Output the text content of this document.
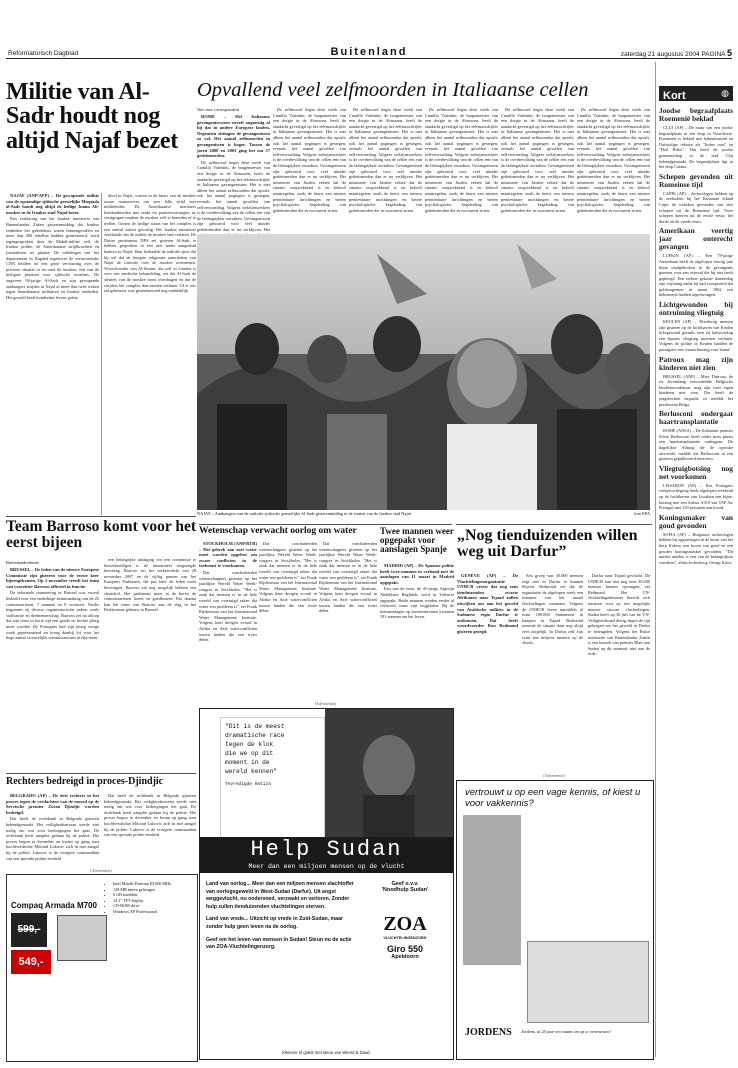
Reformatorisch Dagblad	Buitenland	zaterdag 21 augustus 2004 PAGINA 5
Militie van Al-Sadr houdt nog altijd Najaf bezet

NAJAF (ANP/AFP) – De gewapende militie van de opstandige sjiitische geestelijke Moqtada al-Sadr houdt nog altijd de heilige Imam Ali-moskee in de Iraakse stad Najaf bezet.

Een verklaring van het Iraakse ministerie van Binnenlandse Zaken gisterenmiddag dat Iraakse eenheden het gebedshuis waren binnengevallen en meer dan 400 rebellen hadden gearresteerd, werd tegengesproken door de Mahdi-militie zelf, de Iraakse politie, de Amerikaanse strijdkrachten en journalisten ter plaatse. De uitlatingen van het departement in Bagdad tegenover de nieuwszender CNN leidden tot een grote verwarring over de precieze situatie in en rond de moskee, een van de heiligste plaatsen voor sjiitische moslims. De ongeveer 30-jarige Al-Sadr en zijn gewapende aanhangers strijden in Najaf al meer dan twee weken tegen Amerikaanse militairen en Iraakse eenheden. Het geweld heeft honderden levens geëist.

dood in Najaf, voeren in de buurt van de moskee zware manoeuvres om zeer felle strijd met militieleden. De Amerikaanse mariniers bombardeerden met tanks en pantservoertuigen in, vestigingen rondom de moskee zelf te betreden of te treffen. Gezien de heilige status van het complex is een aanval uiterst gevoelig. Het Iraakse ministerie verklaarde dat de militie de moskee had verlaten. De Duitse persbureau DPA zei gisteren Al-Sadr te hebben gesproken in een niet nader aangeduid kantoor in Najaf. Daar herhaalde de radicale sjiiet dat hij wil dat de hoogste religieuze autoriteiten van Najaf de controle over de moskee overnemen. Woordvoerder van Al-Sistani, die zelf in Londen is voor een medische behandeling, zei dat Al-Sadr de sleutels van de moskee moet overdragen en dat de strijders het complex dan moeten verlaten. Of er iets zal gebeuren, was gisterenavond nog onduidelijk.

Opvallend veel zelfmoorden in Italiaanse cellen
Van onze correspondent

ROME – Het Italiaanse gevangeniswezen streeft ongunstig af bij dat in andere Europese landen. Negentien zittingen de gevangenissen zo vol. Het aantal zelfmoorden in gevangenissen is hoger. Tussen de jaren 2000 en 2003 ging het om 57 gedetineerden.

De zelfmoord begin deze week van Camillo Valentini, de burgemeester van een dorpje in de Abruzzen, heeft de aandacht gevestigd op het zelfmoordcijfer in Italiaanse gevangenissen. Het is niet alleen het aantal zelfmoorden dat opvalt; ook het aantal pogingen is gestegen, evenals het aantal gevallen van zelfverwonding. Volgens welzijnswerkers is de overbevolking van de cellen een van de belangrijkste oorzaken. Gevangenissen zijn gebouwd voor veel minder gedetineerden dan er nu verblijven. Het

De zelfmoord begin deze week van Camillo Valentini, de burgemeester van een dorpje in de Abruzzen, heeft de aandacht gevestigd op het zelfmoordcijfer in Italiaanse gevangenissen. Het is niet alleen het aantal zelfmoorden dat opvalt; ook het aantal pogingen is gestegen, evenals het aantal gevallen van zelfverwonding. Volgens welzijnswerkers is de overbevolking van de cellen een van de belangrijkste oorzaken. Gevangenissen zijn gebouwd voor veel minder gedetineerden dan er nu verblijven. Het ministerie van Justitie erkent dat de situatie zorgwekkend is en belooft maatregelen, zoals de bouw van nieuwe penitentiaire inrichtingen en betere psychologische begeleiding van gedetineerden die in voorarrest zitten.

De zelfmoord begin deze week van Camillo Valentini, de burgemeester van een dorpje in de Abruzzen, heeft de aandacht gevestigd op het zelfmoordcijfer in Italiaanse gevangenissen. Het is niet alleen het aantal zelfmoorden dat opvalt; ook het aantal pogingen is gestegen, evenals het aantal gevallen van zelfverwonding. Volgens welzijnswerkers is de overbevolking van de cellen een van de belangrijkste oorzaken. Gevangenissen zijn gebouwd voor veel minder gedetineerden dan er nu verblijven. Het ministerie van Justitie erkent dat de situatie zorgwekkend is en belooft maatregelen, zoals de bouw van nieuwe penitentiaire inrichtingen en betere psychologische begeleiding van gedetineerden die in voorarrest zitten.

De zelfmoord begin deze week van Camillo Valentini, de burgemeester van een dorpje in de Abruzzen, heeft de aandacht gevestigd op het zelfmoordcijfer in Italiaanse gevangenissen. Het is niet alleen het aantal zelfmoorden dat opvalt; ook het aantal pogingen is gestegen, evenals het aantal gevallen van zelfverwonding. Volgens welzijnswerkers is de overbevolking van de cellen een van de belangrijkste oorzaken. Gevangenissen zijn gebouwd voor veel minder gedetineerden dan er nu verblijven. Het ministerie van Justitie erkent dat de situatie zorgwekkend is en belooft maatregelen, zoals de bouw van nieuwe penitentiaire inrichtingen en betere psychologische begeleiding van gedetineerden die in voorarrest zitten.

De zelfmoord begin deze week van Camillo Valentini, de burgemeester van een dorpje in de Abruzzen, heeft de aandacht gevestigd op het zelfmoordcijfer in Italiaanse gevangenissen. Het is niet alleen het aantal zelfmoorden dat opvalt; ook het aantal pogingen is gestegen, evenals het aantal gevallen van zelfverwonding. Volgens welzijnswerkers is de overbevolking van de cellen een van de belangrijkste oorzaken. Gevangenissen zijn gebouwd voor veel minder gedetineerden dan er nu verblijven. Het ministerie van Justitie erkent dat de situatie zorgwekkend is en belooft maatregelen, zoals de bouw van nieuwe penitentiaire inrichtingen en betere psychologische begeleiding van gedetineerden die in voorarrest zitten.

De zelfmoord begin deze week van Camillo Valentini, de burgemeester van een dorpje in de Abruzzen, heeft de aandacht gevestigd op het zelfmoordcijfer in Italiaanse gevangenissen. Het is niet alleen het aantal zelfmoorden dat opvalt; ook het aantal pogingen is gestegen, evenals het aantal gevallen van zelfverwonding. Volgens welzijnswerkers is de overbevolking van de cellen een van de belangrijkste oorzaken. Gevangenissen zijn gebouwd voor veel minder gedetineerden dan er nu verblijven. Het ministerie van Justitie erkent dat de situatie zorgwekkend is en belooft maatregelen, zoals de bouw van nieuwe penitentiaire inrichtingen en betere psychologische begeleiding van gedetineerden die in voorarrest zitten.

NAJAF – Aanhangers van de radicale sjiitische geestelijke Al-Sadr gisterenmiddag in de straten van de Iraakse stad Najaf.	foto EPA
Kort	◍
Joodse begraafplaats Roemenië beklad

CLUJ (AP) – De muur van een joodse begraafplaats in een dorp in Noordwest-Roemenië is beklad met hakenkruizen en Duitstalige teksten als "Joden raus" en "Heil Hitler". Dat heeft de joodse gemeenschap in de stad Cluj bekendgemaakt. De begraafplaats ligt in het dorp Caianu.

Schepen gevonden uit Romeinse tijd

CAPRI (AP) – Archeologen hebben op de zeebodem bij het Italiaanse eiland Capri de wrakken gevonden van drie schepen uit de Romeinse tijd. Twee schepen dateren uit de eerste eeuw, het derde uit de vierde eeuw.

Amerikaan veertig jaar onterecht gevangen

LUFKIN (AP) – Een 79-jarige Amerikaan heeft de afgelopen veertig jaar bijna onafgebroken in de gevangenis gezeten voor een overval die hij niet heeft gepleegd. Een rechter gelastte donderdag zijn vrijlating nadat bij had voorgesteld dat politieagenten in maart 1962 een bekentenis hadden afgedwongen.

Lichtgewonden bij ontruiming vliegtuig

KEULEN (AP) – Driedertig mensen zijn gisteren op de luchthaven van Keulen lichtgewond geraakt toen zij halsoverkop een Spaans vliegtuig moesten verlaten. Volgens de politie in Keulen hadden de passagiers een waarschuwing voor brand.

Patroux mag zijn kinderen niet zien

BRUSSEL (ANP) – Marc Dutroux, de tot levenslang veroordeelde Belgische kindermoordenaar, mag zijn twee eigen kinderen niet zien. Dat heeft de jeugdrechter bepaald, zo meldde het persbureau Belga.

Berlusconi ondergaat haartransplantatie

ROME (ANSA) – De Italiaanse premier Silvio Berlusconi heeft onder meer plaats een haartransplantatie ondergaan. De dagelijkse Alimag die de operatie uitvoerde, meldde dat Berlusconi in een gisteren gepubliceerd interview.

Vliegtuigbotsing nog net voorkomen

LISSABON (AP) – Een Portugees verkeersvliegtuig heeft afgelopen weekend op de luchthaven van Lissabon een bijna-botsing met een Airbus A310 van TAP Air Portugal met 139 personen aan boord.

Koningsmaker van goud gevonden

SOFIA (AP) – Bulgaarse archeologen hebben bij opgravingen in de buurt van het dorp Kalovo een kroon van goud en een gouden koningsmasker gevonden. "Dit unieke masker is een van de belangrijkste vondsten", aldus archeoloog Georgi Kitov.

Team Barroso komt voor het eerst bijeen
Buitenlandredactie

BRUSSEL – De leden van de nieuwe Europese Commissie zijn gisteren voor de eerste keer bijeengekomen. Op 1 november treedt het team van voorzitter Barroso officieel in functie.

De informele ontmoeting in Brussel was vooral bedoeld voor een onderlinge kennismaking van de 25 commissarissen, 7 mannen en 8 vrouwen. Verder begonnen zij diverse organisatorische zaken, zoals staffunctie en deelnemerschap. Barroso zei na afloop dat zijn team in korte tijd een goede en hechte ploeg moet worden. De Portugees had zijn ploeg vorige week gepresenteerd en kreeg daarbij lof voor het hoge aantal vrouwelijke commissarissen in zijn team.

een belangrijke uitdaging om een commissie te bewerkstelligen is de momenteel toegezegde bezetting. Barroso zei het verkeerslicht van 28 november 2007 en de vijftig punten van het Europees Parlement, die pas later de leden moet bevestigen. Barroso zal nog mogelijk hebben een sleutelrol. Het parlement moet in de herfst de commissarissen horen en goedkeuren. Pas daarna kan het team van Barroso aan de slag in het Berlaymont-gebouw in Brussel.

Rechters bedreigd in proces-Djindjic

BELGRADO (AP) – De drie rechters in het proces tegen de verdachten van de moord op de Servische premier Zoran Djindjic worden bedreigd.

Dat heeft de rechtbank in Belgrado gisteren bekendgemaakt. Het veiligheidsniveau werde niet nodig om wat voor bedreigingen het gaat. De rechtbank heeft aangifte gedaan bij de politie. Het proces begon in december en kwam op gang toen hoofdverdachte Milorad Lukovic zich in mei aangaf bij de politie. Lukovic is de vroegere commandant van een speciale politie-eenheid.

Dat heeft de rechtbank in Belgrado gisteren bekendgemaakt. Het veiligheidsniveau werde niet nodig om wat voor bedreigingen het gaat. De rechtbank heeft aangifte gedaan bij de politie. Het proces begon in december en kwam op gang toen hoofdverdachte Milorad Lukovic zich in mei aangaf bij de politie. Lukovic is de vroegere commandant van een speciale politie-eenheid.

(Advertentie)
Compaq Armada M700
599,-
549,-
• Intel Mobile Pentium III 600 MHz
• 128 MB intern geheugen
• 6 GB harddisk
• 14.1" TFT display
• CD-ROM drive
• Windows XP Professional
Wetenschap verwacht oorlog om water

STOCKHOLM (ANP/RTR) – Het gebrek aan zoet water moet worden opgelost om zware conflicten in de toekomst te voorkomen.

Dat concludeerden wetenschappers gisteren op het jaarlijkse Wereld Water Week-congres in Stockholm. "Het is zaak dat mensen er in de hele wereld van overtuigd raken dat water een probleem is", zei Frank Rijsberman van het International Water Management Institute. Volgens hem dreigen vooral in Afrika en Azië waterconflicten tussen landen die een rivier delen.

Dat concludeerden wetenschappers gisteren op het jaarlijkse Wereld Water Week-congres in Stockholm. "Het is zaak dat mensen er in de hele wereld van overtuigd raken dat water een probleem is", zei Frank Rijsberman van het International Water Management Institute. Volgens hem dreigen vooral in Afrika en Azië waterconflicten tussen landen die een rivier delen.

Dat concludeerden wetenschappers gisteren op het jaarlijkse Wereld Water Week-congres in Stockholm. "Het is zaak dat mensen er in de hele wereld van overtuigd raken dat water een probleem is", zei Frank Rijsberman van het International Water Management Institute. Volgens hem dreigen vooral in Afrika en Azië waterconflicten tussen landen die een rivier delen.

Twee mannen weer opgepakt voor aanslagen Spanje

MADRID (AP) – De Spaanse politie heeft twee mannen in verband met de aanslagen van 11 maart in Madrid opgepakt.

Een van de twee, de 41-jarige Algerijn Abdelkrim Beghdali, werd in Valencia opgepakt. Beide mannen werden eerder al verhoord, maar zijn vrijgelaten. Bij de bomaanslagen op forensentreinen kwamen 191 mensen om het leven.

„Nog tienduizenden willen weg uit Darfur”

GENÈVE (AP) – De Vluchtelingenorganisatie UNHCR vreest dat nog eens tienduizenden zwarte Afrikanen naar Tsjaad zullen uitwijken om aan het geweld van Arabische milities in de Sudanese regio Darfur te ontkomen. Dat heeft woordvoerder Ron Redmond gisteren gezegd.

Een groep van 30.000 mensen zegt niet in Darfur te kunnen blijven. Redmond zei dat de organisatie de afgelopen week een toename van het aantal vluchtelingen waarnam. Volgens de UNHCR leven inmiddels al ruim 180.000 Sudanezen in kampen in Tsjaad. Redmond noemde de situatie daar nog altijd zeer zorgelijk. In Darfur zelf zijn ruim een miljoen mensen op de vlucht.

Darfur naar Tsjaad gevlucht. De UNHCR kan niet nog eens 30.000 mensen binnen opvangen, zei Redmond. Het VN-vluchtelingenbureau bereidt zich intussen voor op een mogelijke nieuwe stroom vluchtelingen. Sudan heeft op 30 juli van de VN-Veiligheidsraad dertig dagen de tijd gekregen om het geweld in Darfur te beteugelen. Volgens het Britse ministerie van Buitenlandse Zaken is een bezoek van premier Blair aan Sudan op dit moment niet aan de orde.

(Advertentie)
"Dit is de meest
dramatische race
tegen de klok
die we op dit
moment in de
wereld kennen"
Tevredigde Hatiza
Help Sudan
Meer dan een miljoen mensen op de vlucht

Land van oorlog... Meer dan een miljoen mensen slachtoffer van oorlogsgeweld in West-Sudan (Darfur). Uit angst weggevlucht, nu ondervoed, verzwakt en verloren. Zonder hulp zullen tienduizenden vluchtelingen sterven.

Land van vrede... Uitzicht op vrede in Zuid-Sudan, maar zonder hulp geen leven na de oorlog.

Geef om het leven van mensen in Sudan! Steun nu de actie van ZOA-Vluchtelingenzorg.

Geef o.v.v.
'Noodhulp Sudan'
ZOA
VLUCHTELINGENZORG
Giro 550
Apeldoorn
Kleinere of gratis met steun van Weerd & Daad.
(Advertentie)
vertrouwt u op een vage kennis, of kiest u voor vakkennis?
JORDENS Jordens, al 25 jaar een naam om op te vertrouwen!
